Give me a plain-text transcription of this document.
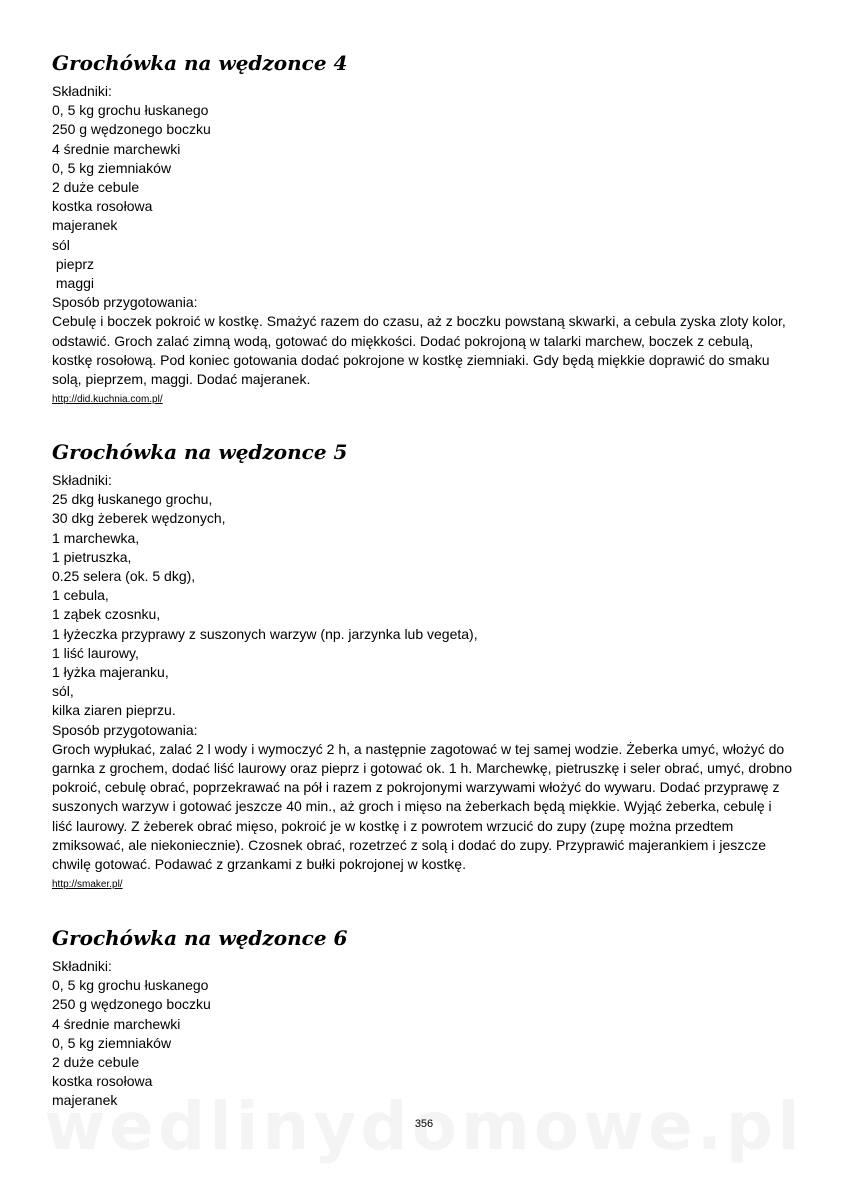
Grochówka na wędzonce 4
Składniki:
0, 5 kg grochu łuskanego
250 g wędzonego boczku
4 średnie marchewki
0, 5 kg ziemniaków
2 duże cebule
kostka rosołowa
majeranek
sól
pieprz
maggi
Sposób przygotowania:
Cebulę i boczek pokroić w kostkę. Smażyć razem do czasu, aż z boczku powstaną skwarki, a cebula zyska zloty kolor, odstawić. Groch zalać zimną wodą, gotować do miękkości. Dodać pokrojoną w talarki marchew, boczek z cebulą, kostkę rosołową. Pod koniec gotowania dodać pokrojone w kostkę ziemniaki. Gdy będą miękkie doprawić do smaku solą, pieprzem, maggi. Dodać majeranek.
http://did.kuchnia.com.pl/
Grochówka na wędzonce 5
Składniki:
25 dkg łuskanego grochu,
30 dkg żeberek wędzonych,
1 marchewka,
1 pietruszka,
0.25 selera (ok. 5 dkg),
1 cebula,
1 ząbek czosnku,
1 łyżeczka przyprawy z suszonych warzyw (np. jarzynka lub vegeta),
1 liść laurowy,
1 łyżka majeranku,
sól,
kilka ziaren pieprzu.
Sposób przygotowania:
Groch wypłukać, zalać 2 l wody i wymoczyć 2 h, a następnie zagotować w tej samej wodzie. Żeberka umyć, włożyć do garnka z grochem, dodać liść laurowy oraz pieprz i gotować ok. 1 h. Marchewkę, pietruszkę i seler obrać, umyć, drobno pokroić, cebulę obrać, poprzekrawać na pół i razem z pokrojonymi warzywami włożyć do wywaru. Dodać przyprawę z suszonych warzyw i gotować jeszcze 40 min., aż groch i mięso na żeberkach będą miękkie. Wyjąć żeberka, cebulę i liść laurowy. Z żeberek obrać mięso, pokroić je w kostkę i z powrotem wrzucić do zupy (zupę można przedtem zmiksować, ale niekoniecznie). Czosnek obrać, rozetrzeć z solą i dodać do zupy. Przyprawić majerankiem i jeszcze chwilę gotować. Podawać z grzankami z bułki pokrojonej w kostkę.
http://smaker.pl/
Grochówka na wędzonce 6
Składniki:
0, 5 kg grochu łuskanego
250 g wędzonego boczku
4 średnie marchewki
0, 5 kg ziemniaków
2 duże cebule
kostka rosołowa
majeranek
356
